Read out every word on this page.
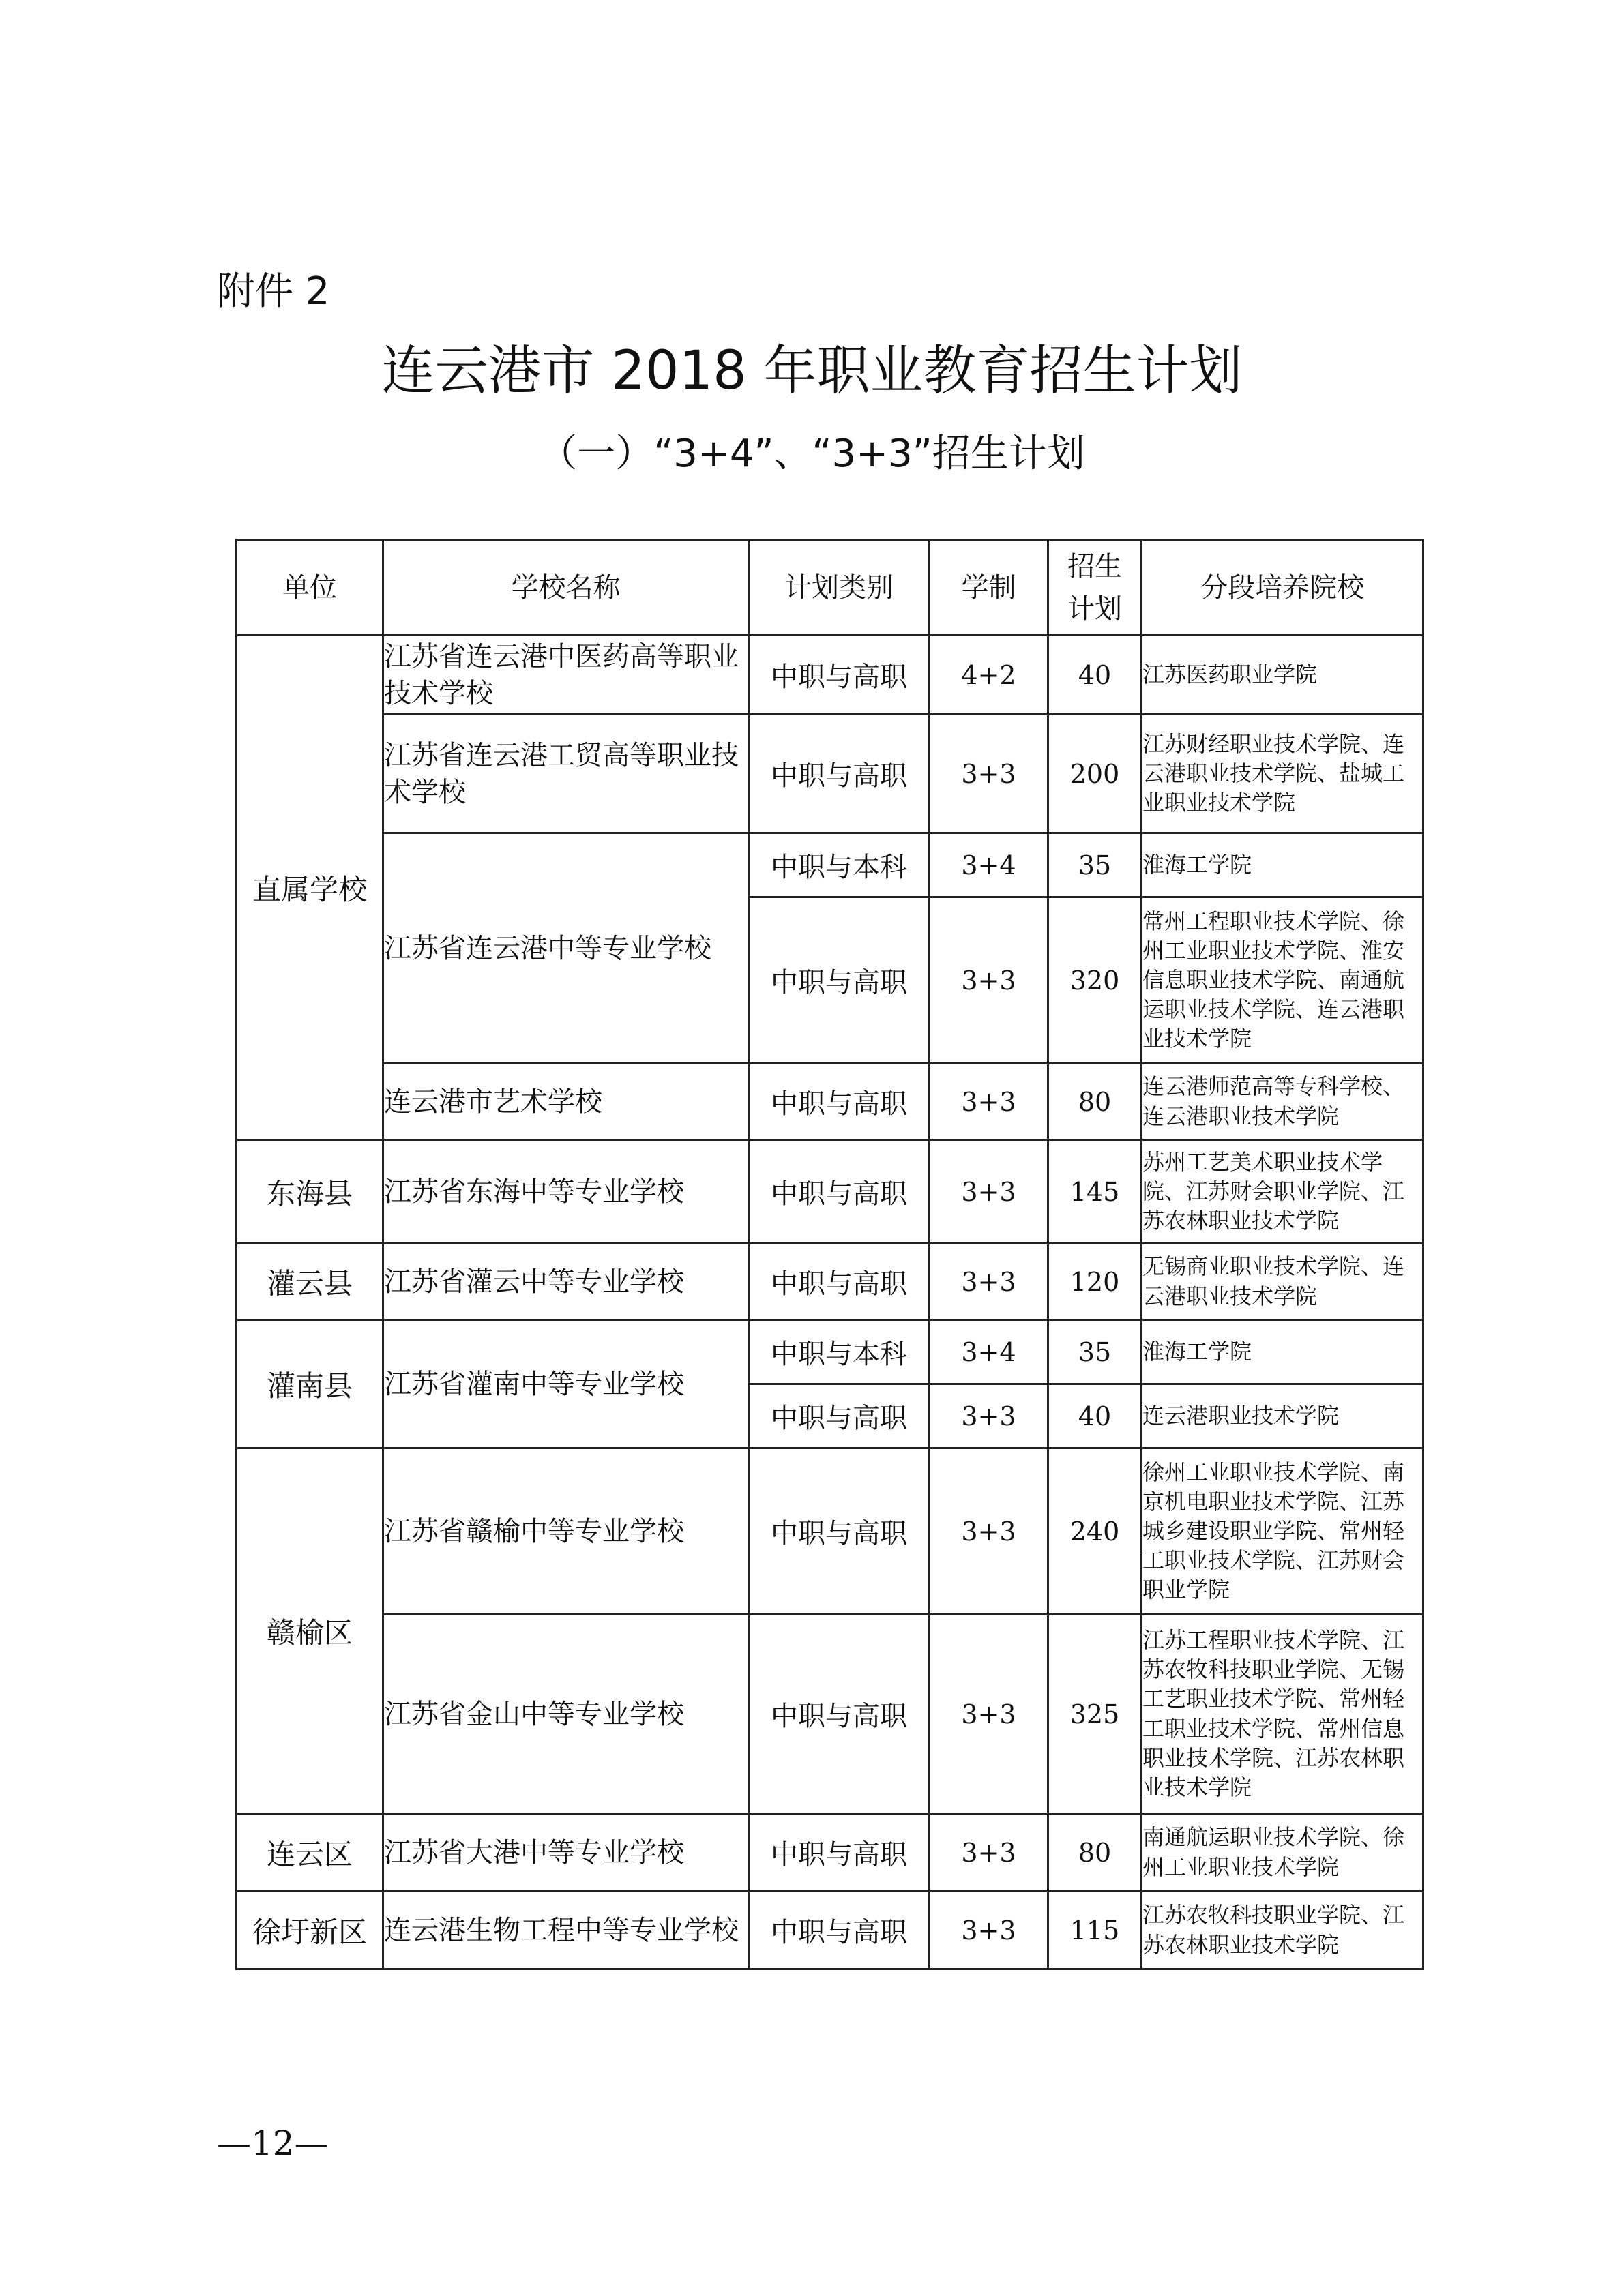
附件 2
连云港市 2018 年职业教育招生计划
（一）“3+4”、“3+3”招生计划
单位	学校名称	计划类别	学制	招生计划	分段培养院校
直属学校	江苏省连云港中医药高等职业技术学校	中职与高职	4+2	40	江苏医药职业学院
	江苏省连云港工贸高等职业技术学校	中职与高职	3+3	200	江苏财经职业技术学院、连云港职业技术学院、盐城工业职业技术学院
	江苏省连云港中等专业学校	中职与本科	3+4	35	淮海工学院
		中职与高职	3+3	320	常州工程职业技术学院、徐州工业职业技术学院、淮安信息职业技术学院、南通航运职业技术学院、连云港职业技术学院
	连云港市艺术学校	中职与高职	3+3	80	连云港师范高等专科学校、连云港职业技术学院
东海县	江苏省东海中等专业学校	中职与高职	3+3	145	苏州工艺美术职业技术学院、江苏财会职业学院、江苏农林职业技术学院
灌云县	江苏省灌云中等专业学校	中职与高职	3+3	120	无锡商业职业技术学院、连云港职业技术学院
灌南县	江苏省灌南中等专业学校	中职与本科	3+4	35	淮海工学院
		中职与高职	3+3	40	连云港职业技术学院
赣榆区	江苏省赣榆中等专业学校	中职与高职	3+3	240	徐州工业职业技术学院、南京机电职业技术学院、江苏城乡建设职业学院、常州轻工职业技术学院、江苏财会职业学院
	江苏省金山中等专业学校	中职与高职	3+3	325	江苏工程职业技术学院、江苏农牧科技职业学院、无锡工艺职业技术学院、常州轻工职业技术学院、常州信息职业技术学院、江苏农林职业技术学院
连云区	江苏省大港中等专业学校	中职与高职	3+3	80	南通航运职业技术学院、徐州工业职业技术学院
徐圩新区	连云港生物工程中等专业学校	中职与高职	3+3	115	江苏农牧科技职业学院、江苏农林职业技术学院
—12—
